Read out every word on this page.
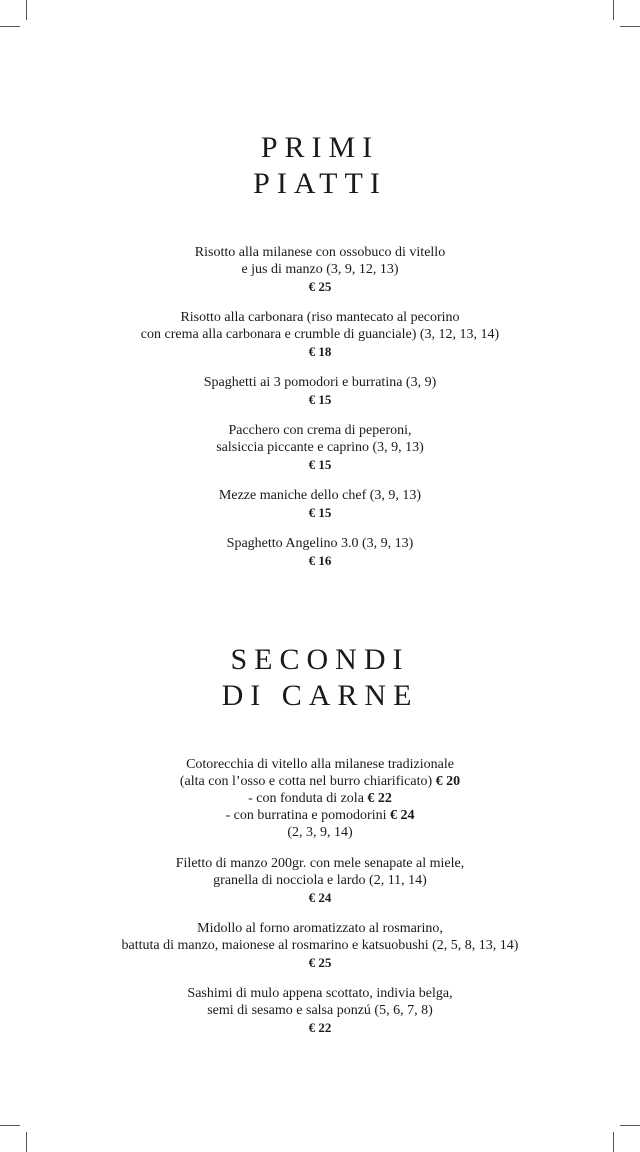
PRIMI
PIATTI
Risotto alla milanese con ossobuco di vitello
e jus di manzo (3, 9, 12, 13)
€ 25
Risotto alla carbonara (riso mantecato al pecorino
con crema alla carbonara e crumble di guanciale) (3, 12, 13, 14)
€ 18
Spaghetti ai 3 pomodori e burratina (3, 9)
€ 15
Pacchero con crema di peperoni,
salsiccia piccante e caprino (3, 9, 13)
€ 15
Mezze maniche dello chef (3, 9, 13)
€ 15
Spaghetto Angelino 3.0 (3, 9, 13)
€ 16
SECONDI
DI CARNE
Cotorecchia di vitello alla milanese tradizionale
(alta con l’osso e cotta nel burro chiarificato) € 20
- con fonduta di zola € 22
- con burratina e pomodorini € 24
(2, 3, 9, 14)
Filetto di manzo 200gr. con mele senapate al miele,
granella di nocciola e lardo (2, 11, 14)
€ 24
Midollo al forno aromatizzato al rosmarino,
battuta di manzo, maionese al rosmarino e katsuobushi (2, 5, 8, 13, 14)
€ 25
Sashimi di mulo appena scottato, indivia belga,
semi di sesamo e salsa ponzú (5, 6, 7, 8)
€ 22
